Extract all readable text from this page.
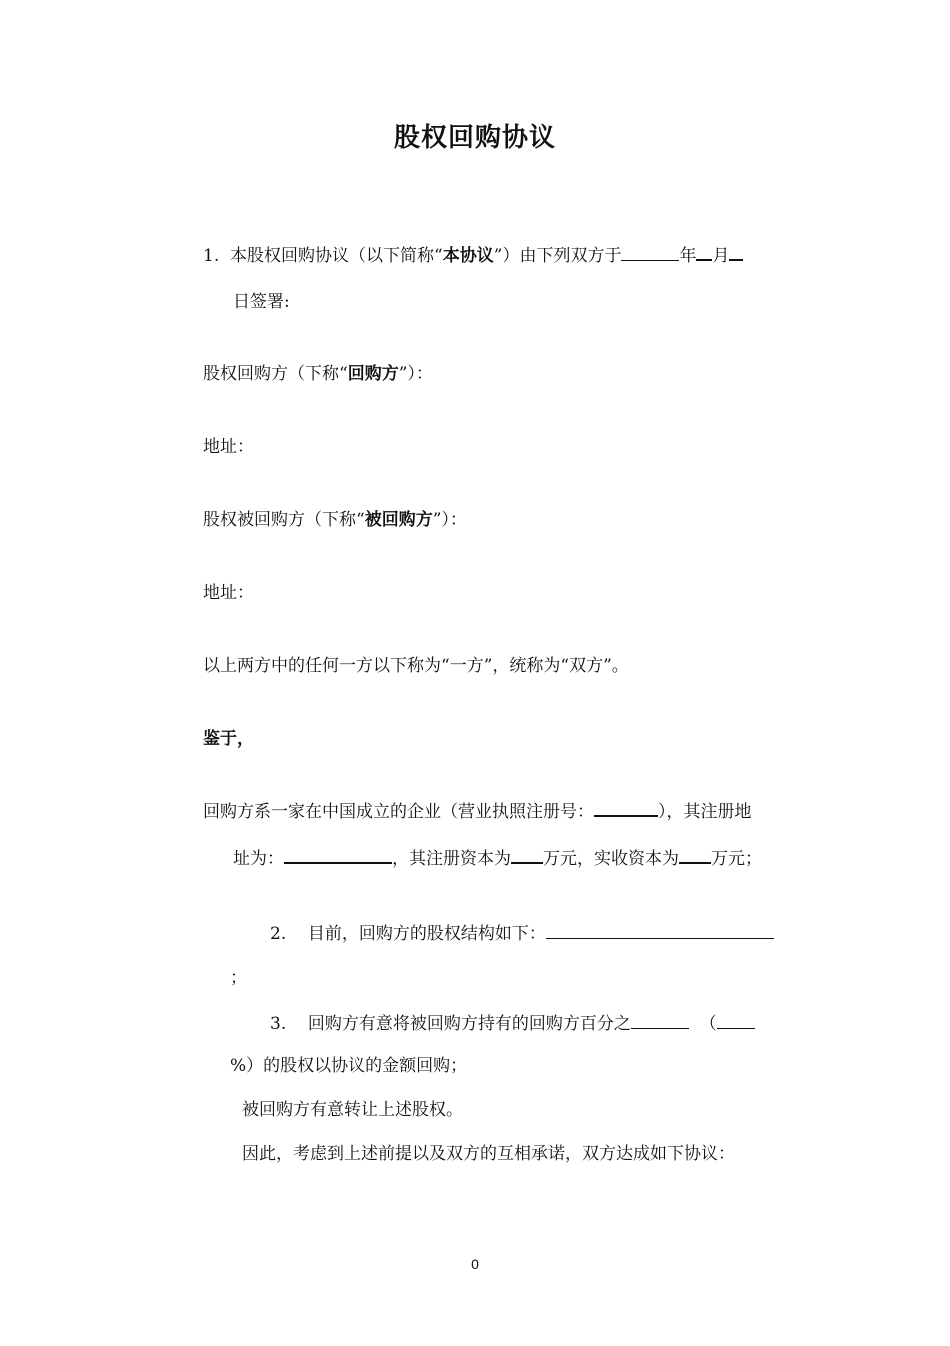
股权回购协议
1. 本股权回购协议（以下简称“本协议”）由下列双方于	年 月
日签署:
股权回购方（下称“回购方”）：
地址：
股权被回购方（下称“被回购方”）：
地址：
以上两方中的任何一方以下称为“一方”，统称为“双方”。
鉴于，
回购方系一家在中国成立的企业（营业执照注册号：	），其注册地
址为：	，其注册资本为 万元，实收资本为 万元；
2. 目前，回购方的股权结构如下：
；
3. 回购方有意将被回购方持有的回购方百分之	（
%）的股权以协议的金额回购；
被回购方有意转让上述股权。
因此，考虑到上述前提以及双方的互相承诺，双方达成如下协议：
0
